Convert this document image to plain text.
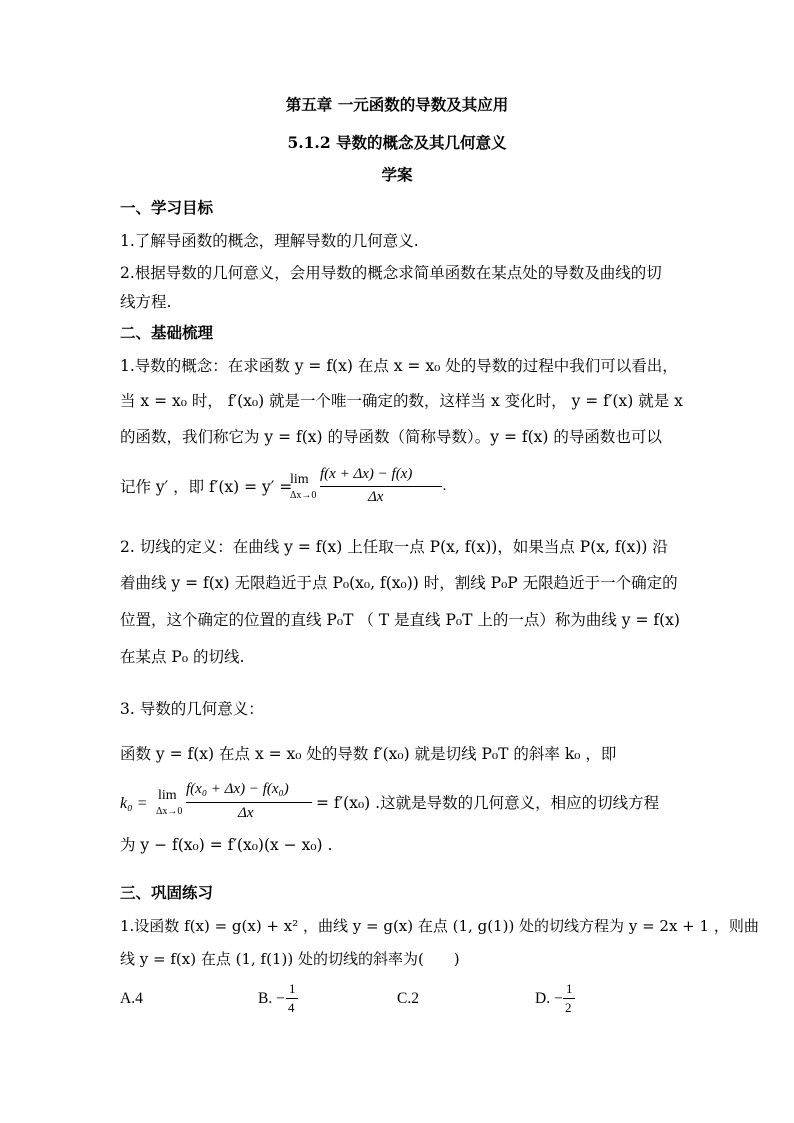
第五章 一元函数的导数及其应用
5.1.2 导数的概念及其几何意义
学案
一、学习目标
1.了解导函数的概念，理解导数的几何意义.
2.根据导数的几何意义，会用导数的概念求简单函数在某点处的导数及曲线的切
线方程.
二、基础梳理
1.导数的概念：在求函数 y = f(x) 在点 x = x₀ 处的导数的过程中我们可以看出，
当 x = x₀ 时， f′(x₀) 就是一个唯一确定的数，这样当 x 变化时， y = f′(x) 就是 x
的函数，我们称它为 y = f(x) 的导函数（简称导数）。y = f(x) 的导函数也可以
记作 y′ ，即 f′(x) = y′ =
lim
Δx→0
f(x + Δx) − f(x)
Δx
.
2. 切线的定义：在曲线 y = f(x) 上任取一点 P(x, f(x))，如果当点 P(x, f(x)) 沿
着曲线 y = f(x) 无限趋近于点 P₀(x₀, f(x₀)) 时，割线 P₀P 无限趋近于一个确定的
位置，这个确定的位置的直线 P₀T （ T 是直线 P₀T 上的一点）称为曲线 y = f(x)
在某点 P₀ 的切线.
3. 导数的几何意义：
函数 y = f(x) 在点 x = x₀ 处的导数 f′(x₀) 就是切线 P₀T 的斜率 k₀ ，即
k₀ = lim
Δx→0
f(x₀ + Δx) − f(x₀)
Δx
= f′(x₀) .这就是导数的几何意义，相应的切线方程
为 y − f(x₀) = f′(x₀)(x − x₀) .
三、巩固练习
1.设函数 f(x) = g(x) + x² ，曲线 y = g(x) 在点 (1, g(1)) 处的切线方程为 y = 2x + 1 ，则曲
线 y = f(x) 在点 (1, f(1)) 处的切线的斜率为(　　)
A.4	B. −
1
4
C.2	D. −
1
2
